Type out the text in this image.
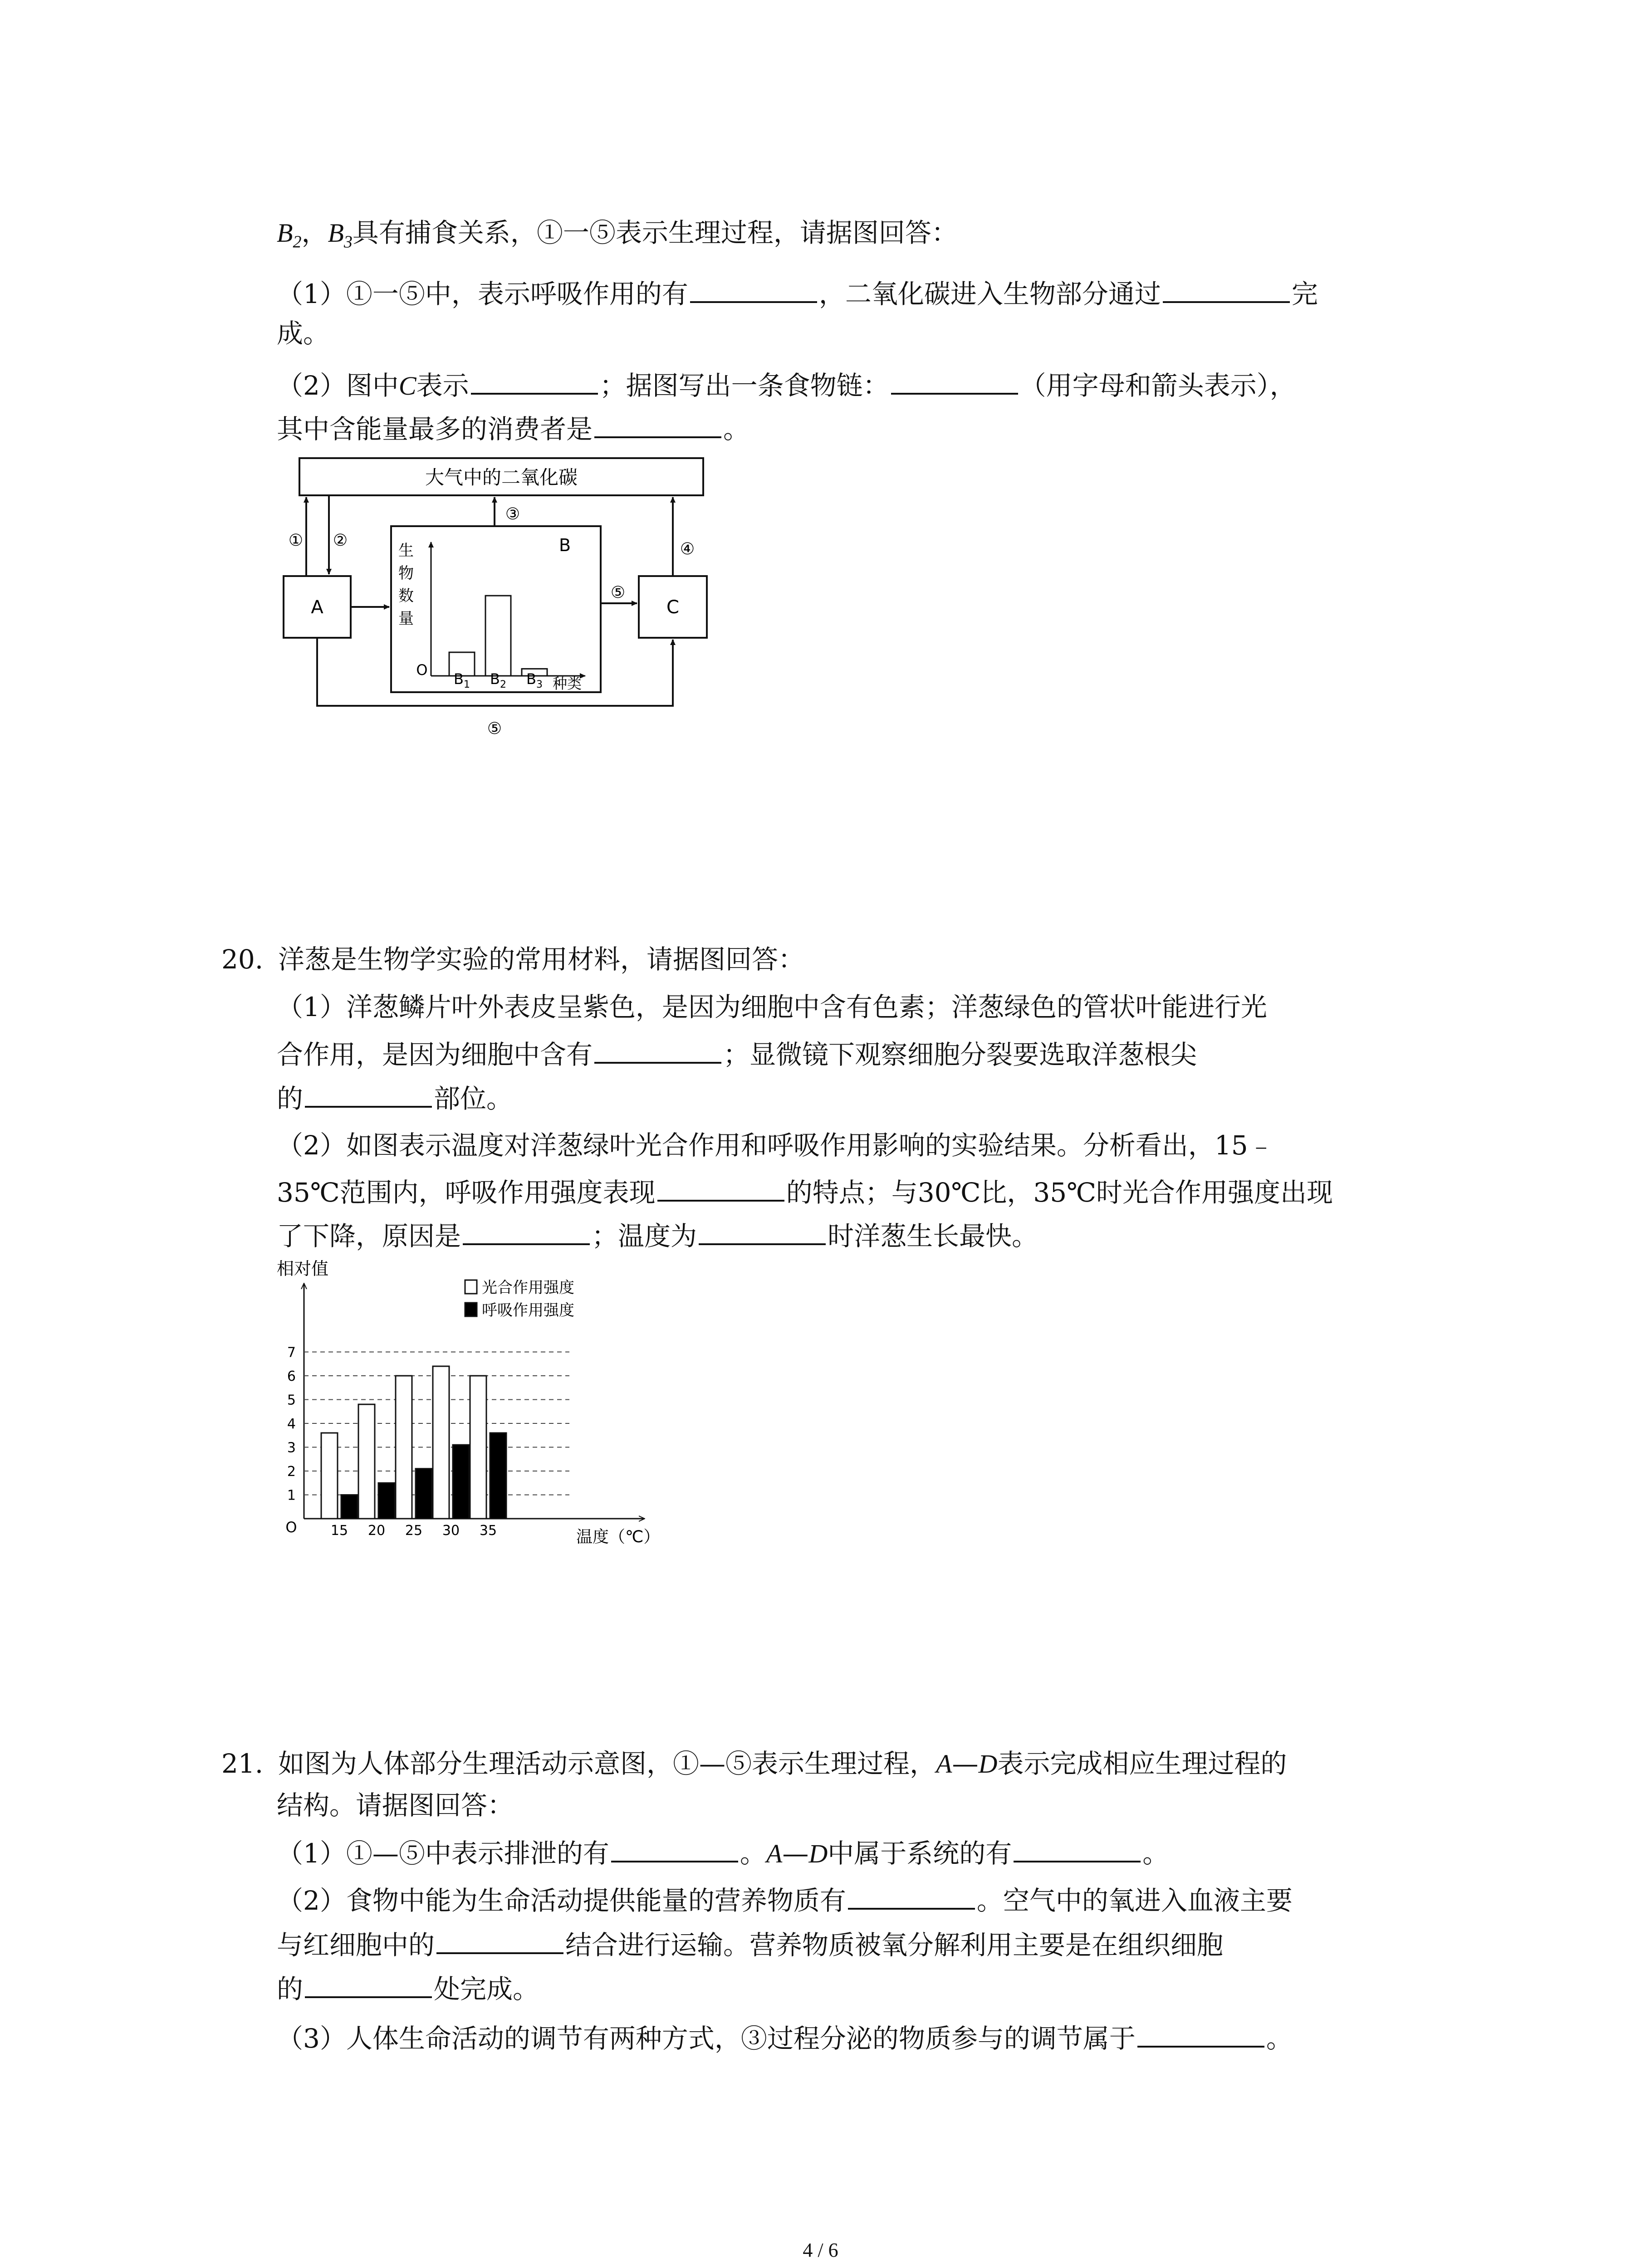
$B_2$，$B_3$具有捕食关系，①一⑤表示生理过程，请据图回答：
（1）①一⑤中，表示呼吸作用的有	，二氧化碳进入生物部分通过	完
成。
（2）图中C表示	；据图写出一条食物链：	（用字母和箭头表示），
其中含能量最多的消费者是	。
大气中的二氧化碳
A	C
B
① ②
③
⑤
④
⑤
生
物
数
量
O
$B_1$ $B_2$ $B_3$ 种类
20. 洋葱是生物学实验的常用材料，请据图回答：
（1）洋葱鳞片叶外表皮呈紫色，是因为细胞中含有色素；洋葱绿色的管状叶能进行光
合作用，是因为细胞中含有	；显微镜下观察细胞分裂要选取洋葱根尖
的	部位。
（2）如图表示温度对洋葱绿叶光合作用和呼吸作用影响的实验结果。分析看出，15﹣
35℃范围内，呼吸作用强度表现	的特点；与30℃比，35℃时光合作用强度出现
了下降，原因是	；温度为	时洋葱生长最快。
相对值
O
温度（℃）
光合作用强度
呼吸作用强度
1
2
3
4
5
6
7
15 20 25 30 35
21. 如图为人体部分生理活动示意图，①—⑤表示生理过程，A—D表示完成相应生理过程的
结构。请据图回答：
（1）①—⑤中表示排泄的有	。A—D中属于系统的有	。
（2）食物中能为生命活动提供能量的营养物质有	。空气中的氧进入血液主要
与红细胞中的	结合进行运输。营养物质被氧分解利用主要是在组织细胞
的	处完成。
（3）人体生命活动的调节有两种方式，③过程分泌的物质参与的调节属于	。
4 / 6
